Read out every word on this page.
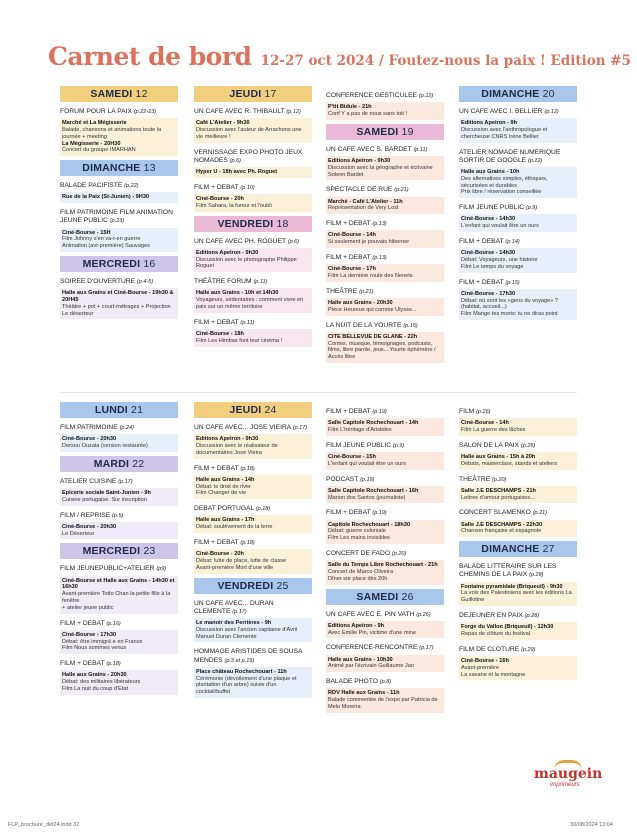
Carnet de bord 12-27 oct 2024 / Foutez-nous la paix ! Edition #5
SAMEDI 12
FORUM POUR LA PAIX (p.22-23)
Marché et La Mégisserie
Balade, chansons et animations toute la journée + meeting
La Mégisserie - 20H30
Concert du groupe IMARHAN
DIMANCHE 13
BALADE PACIFISTE (p.22)
Rue de la Paix (St-Junien) - 9H30
FILM PATRIMOINE FILM ANIMATION JEUNE PUBLIC (p.23)
Ciné-Bourse - 15H
Film Johnny s'en va-t-en guerre
Animation (avt-première) Sauvages
MERCREDI 16
SOIREE D'OUVERTURE (p.4-5)
Halle aux Grains et Ciné-Bourse - 19h30 & 20H45
Théâtre + pot + court-métrages + Projection Le déserteur
JEUDI 17
UN CAFE AVEC R. THIBAULT (p.12)
Café L'Atelier - 9h30
Discussion avec l'auteur de Arrachons une vie meilleure !
VERNISSAGE EXPO PHOTO JEUX NOMADES (p.6)
Hyper U - 18h avec Ph. Roguet
FILM + DEBAT (p.10)
Ciné-Bourse - 20h
Film Sahara, la fureur et l'oubli
VENDREDI 18
UN CAFE AVEC PH. ROGUET (p.6)
Editions Apeiron - 9h30
Discussion avec le photographe Philippe Roguet
THÉÂTRE FORUM (p.11)
Halle aux Grains - 10h et 14h30
Voyageurs, sédentaires : comment vivre en paix sur un même territoire
FILM + DEBAT (p.11)
Ciné-Bourse - 18h
Film Les Himbas font leur cinéma !
CONFERENCE GESTICULEE (p.12)
P'tit Bidule - 21h
Conf Y a pas de nous sans toit !
SAMEDI 19
UN CAFE AVEC S. BARDET (p.11)
Editions Apeiron - 9h30
Discussion avec la géographe et écrivaine Solenn Bardet
SPECTACLE DE RUE (p.21)
Marché - Café L'Atelier - 11h
Représentation de Very Lost
FILM + DEBAT (p.13)
Ciné-Bourse - 14h
Si seulement je pouvais hiberner
FILM + DEBAT (p.13)
Ciné-Bourse - 17h
Film La dernière route des Nenets
THEÂTRE (p.21)
Halle aux Grains - 20h30
Pièce Heureux qui comme Ulysse...
LA NUIT DE LA YOURTE (p.15)
CITE BELLEVUE DE GLANE - 22h
Contes, musique, témoignages, podcasts, films, libre parole, jeux... Yourte éphémère / Accès libre
DIMANCHE 20
UN CAFE AVEC I. BELLIER (p.12)
Editions Apeiron - 9h
Discussion avec l'anthropologue et chercheuse CNRS Irène Bellier
ATELIER NOMADE NUMERIQUE SORTIR DE GOOGLE (p.12)
Halle aux Grains - 10h
Des alternatives simples, éthiques, sécurisées et durables
Prix libre / réservation conseillée
FILM JEUNE PUBLIC (p.9)
Ciné-Bourse - 14h30
L'enfant qui voulait être un ours
FILM + DEBAT (p.14)
Ciné-Bourse - 14h30
Débat: Voyageurs, une histoire
Film Le temps du voyage
FILM + DEBAT (p.15)
Ciné-Bourse - 17h30
Débat: où sont les «gens du voyage» ? (habitat, accueil...)
Film Mange tes morts: tu ne diras point
LUNDI 21
FILM PATRIMOINE (p.24)
Ciné-Bourse - 20h30
Dersou Ouzala (version restaurée)
MARDI 22
ATELIER CUISINE (p.17)
Epicerie sociale Saint-Junien - 9h
Cuisine portugaise. Sur inscription
FILM / REPRISE (p.5)
Ciné-Bourse - 20h30
Le Déserteur
MERCREDI 23
FILM JEUNEPUBLIC+ATELIER (p9)
Ciné-Bourse et Halle aux Grains - 14h30 et 16h30
Avant-première Totto Chan la petite fille à la fenêtre
+ atelier jeune public
FILM + DEBAT (p.16)
Ciné-Bourse - 17h30
Débat: être immigré.e en France
Film Nous sommes venus
FILM + DEBAT (p.18)
Halle aux Grains - 20h30
Débat: des militaires libérateurs
Film La nuit du coup d'Etat
JEUDI 24
UN CAFE AVEC... JOSE VIEIRA (p.17)
Editions Apeiron - 9h30
Discussion avec le réalisateur de documentaires José Vieira
FILM + DEBAT (p.18)
Halle aux Grains - 14h
Débat: le droit de river
Film Changer de vie
DEBAT PORTUGAL (p.18)
Halle aux Grains - 17h
Débat: soulèvement de la terre
FILM + DEBAT (p.18)
Ciné-Bourse - 20h
Débat: lutte de place, lutte de classe
Avant-première Mort d'une ville
VENDREDI 25
UN CAFE AVEC... DURAN CLEMENTE (p.17)
Le manoir des Perrières - 9h
Discussion avec l'ancien capitaine d'Avril Manuel Duran Clemente
HOMMAGE ARISTIDES DE SOUSA MENDES (p.3 et p.19)
Place château Rochechouart - 11h
Cérémonie (dévoilement d'une plaque et plantation d'un arbre) suivie d'un cocktail/buffet
FILM + DEBAT (p.19)
Salle Capitole Rochechouart - 14h
Film L'héritage d'Aristides
FILM JEUNE PUBLIC (p.9)
Ciné-Bourse - 15h
L'enfant qui voulait être un ours
PODCAST (p.19)
Salle Capitole Rochechouart - 16h
Marion dos Santos (journaliste)
FILM + DEBAT (p.19)
Capitole Rochechouart - 18h30
Débat: guerre coloniale
Film Les mains invisibles
CONCERT DE FADO (p.20)
Salle du Temps Libre Rochechouart - 21h
Concert de Marco Oliveira
Dîner sur place dès 20h
SAMEDI 26
UN CAFE AVEC E. PIN VATH (p.26)
Editions Apeiron - 9h
Avec Emilie Pin, victime d'une mine
CONFERENCE-RENCONTRE (p.17)
Halle aux Grains - 10h30
Animé par l'écrivain Guillaume Jan
BALADE PHOTO (p.8)
RDV Halle aux Grains - 11h
Balade commentée de l'expo par Patricia de Melo Moreira
FILM (p.26)
Ciné-Bourse - 14h
Film La guerre des lâches
SALON DE LA PAIX (p.26)
Halle aux Grains - 15h à 20h
Débats, masterclass, stands et ateliers
THEÂTRE (p.20)
Salle J.E DESCHAMPS - 21h
Lettres d'amour portugaises...
CONCERT SLAMENKO (p.21)
Salle J.E DESCHAMPS - 22h30
Chanson française et espagnole
DIMANCHE 27
BALADE LITTERAIRE SUR LES CHEMINS DE LA PAIX (p.28)
Fontaine pyramidale (Briqueuil) - 9h30
La voix des Palestiniens avec les éditions La Guillotine
DEJEUNER EN PAIX (p.28)
Forge du Vallon (Briqueuil) - 12h30
Repas de clôture du festival
FILM DE CLOTURE (p.29)
Ciné-Bourse - 16h
Avant-première
La savane et la montagne
maugein
imprimeurs
FLP_brochure_def24.indd 32	30/08/2024 13:04
